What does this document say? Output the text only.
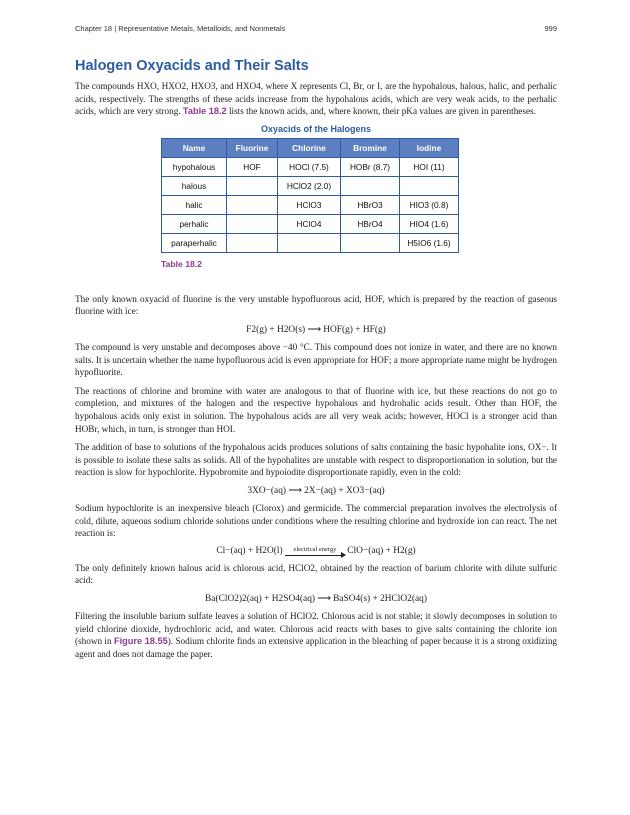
Chapter 18 | Representative Metals, Metalloids, and Nonmetals	999
Halogen Oxyacids and Their Salts

The compounds HXO, HXO2, HXO3, and HXO4, where X represents Cl, Br, or I, are the hypohalous, halous, halic, and perhalic acids, respectively. The strengths of these acids increase from the hypohalous acids, which are very weak acids, to the perhalic acids, which are very strong. Table 18.2 lists the known acids, and, where known, their pKa values are given in parentheses.

Oxyacids of the Halogens
Name	Fluorine	Chlorine	Bromine	Iodine
hypohalous	HOF	HOCl (7.5)	HOBr (8.7)	HOI (11)
halous		HClO2 (2.0)		
halic		HClO3	HBrO3	HIO3 (0.8)
perhalic		HClO4	HBrO4	HIO4 (1.6)
paraperhalic				H5IO6 (1.6)
Table 18.2

The only known oxyacid of fluorine is the very unstable hypofluorous acid, HOF, which is prepared by the reaction of gaseous fluorine with ice:

F2(g) + H2O(s) ⟶ HOF(g) + HF(g)

The compound is very unstable and decomposes above −40 °C. This compound does not ionize in water, and there are no known salts. It is uncertain whether the name hypofluorous acid is even appropriate for HOF; a more appropriate name might be hydrogen hypofluorite.

The reactions of chlorine and bromine with water are analogous to that of fluorine with ice, but these reactions do not go to completion, and mixtures of the halogen and the respective hypohalous and hydrohalic acids result. Other than HOF, the hypohalous acids only exist in solution. The hypohalous acids are all very weak acids; however, HOCl is a stronger acid than HOBr, which, in turn, is stronger than HOI.

The addition of base to solutions of the hypohalous acids produces solutions of salts containing the basic hypohalite ions, OX−. It is possible to isolate these salts as solids. All of the hypohalites are unstable with respect to disproportionation in solution, but the reaction is slow for hypochlorite. Hypobromite and hypoiodite disproportionate rapidly, even in the cold:

3XO−(aq) ⟶ 2X−(aq) + XO3−(aq)

Sodium hypochlorite is an inexpensive bleach (Clorox) and germicide. The commercial preparation involves the electrolysis of cold, dilute, aqueous sodium chloride solutions under conditions where the resulting chlorine and hydroxide ion can react. The net reaction is:

Cl−(aq) + H2O(l)	electrical energy	ClO−(aq) + H2(g)

The only definitely known halous acid is chlorous acid, HClO2, obtained by the reaction of barium chlorite with dilute sulfuric acid:

Ba(ClO2)2(aq) + H2SO4(aq) ⟶ BaSO4(s) + 2HClO2(aq)

Filtering the insoluble barium sulfate leaves a solution of HClO2. Chlorous acid is not stable; it slowly decomposes in solution to yield chlorine dioxide, hydrochloric acid, and water. Chlorous acid reacts with bases to give salts containing the chlorite ion (shown in Figure 18.55). Sodium chlorite finds an extensive application in the bleaching of paper because it is a strong oxidizing agent and does not damage the paper.
